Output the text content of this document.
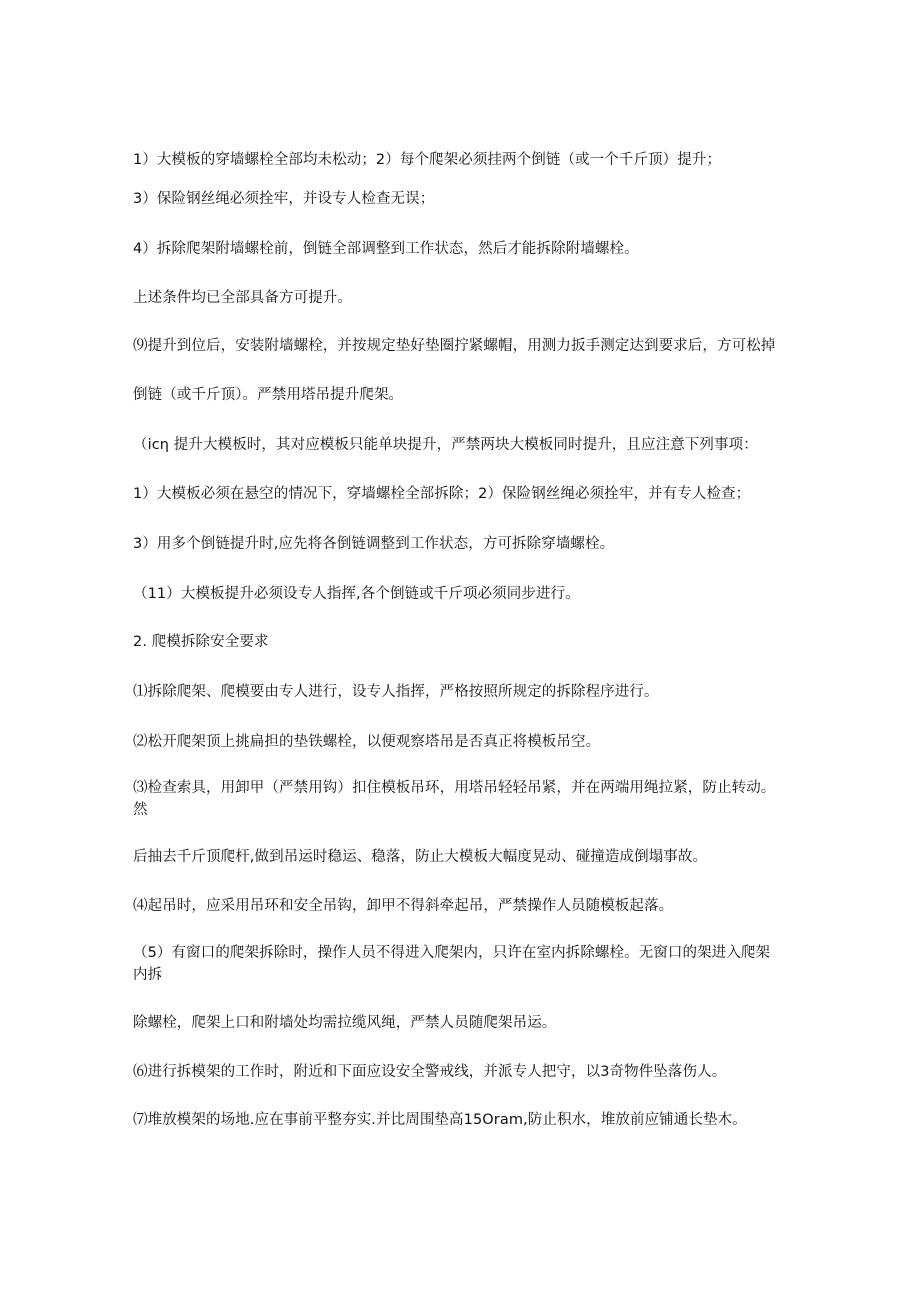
1）大模板的穿墙螺栓全部均未松动；2）每个爬架必须挂两个倒链（或一个千斤顶）提升；
3）保险钢丝绳必须拴牢，并设专人检查无误；
4）拆除爬架附墙螺栓前，倒链全部调整到工作状态，然后才能拆除附墙螺栓。
上述条件均已全部具备方可提升。
⑼提升到位后，安装附墙螺栓，并按规定垫好垫圈拧紧螺帽，用测力扳手测定达到要求后，方可松掉
倒链（或千斤顶）。严禁用塔吊提升爬架。
（icη 提升大模板时，其对应模板只能单块提升，严禁两块大模板同时提升，且应注意下列事项：
1）大模板必须在悬空的情况下，穿墙螺栓全部拆除；2）保险钢丝绳必须拴牢，并有专人检查；
3）用多个倒链提升时,应先将各倒链调整到工作状态，方可拆除穿墙螺栓。
（11）大模板提升必须设专人指挥,各个倒链或千斤项必须同步进行。
2. 爬模拆除安全要求
⑴拆除爬架、爬模要由专人进行，设专人指挥，严格按照所规定的拆除程序进行。
⑵松开爬架顶上挑扁担的垫铁螺栓，以便观察塔吊是否真正将模板吊空。
⑶检查索具，用卸甲（严禁用钩）扣住模板吊环，用塔吊轻轻吊紧，并在两端用绳拉紧，防止转动。
然
后抽去千斤顶爬杆,做到吊运时稳运、稳落，防止大模板大幅度晃动、碰撞造成倒塌事故。
⑷起吊时，应采用吊环和安全吊钩，卸甲不得斜牵起吊，严禁操作人员随模板起落。
（5）有窗口的爬架拆除时，操作人员不得进入爬架内，只许在室内拆除螺栓。无窗口的架进入爬架
内拆
除螺栓，爬架上口和附墙处均需拉缆风绳，严禁人员随爬架吊运。
⑹进行拆模架的工作时，附近和下面应设安全警戒线，并派专人把守，以3奇物件坠落伤人。
⑺堆放模架的场地.应在事前平整夯实.并比周围垫高15Oram,防止积水，堆放前应铺通长垫木。
